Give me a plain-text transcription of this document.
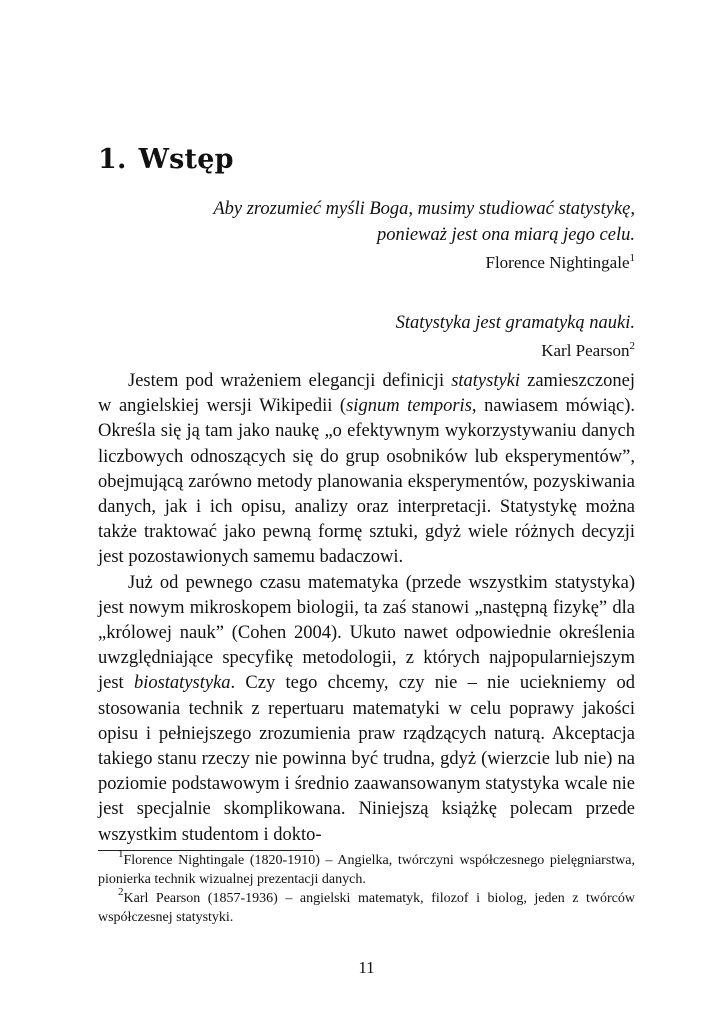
1. Wstęp
Aby zrozumieć myśli Boga, musimy studiować statystykę,
ponieważ jest ona miarą jego celu.
Florence Nightingale$^1$
Statystyka jest gramatyką nauki.
Karl Pearson$^2$

Jestem pod wrażeniem elegancji definicji statystyki zamieszczonej w angielskiej wersji Wikipedii (signum temporis, nawiasem mówiąc). Określa się ją tam jako naukę „o efektywnym wykorzystywaniu danych liczbowych odnoszących się do grup osobników lub eksperymentów”, obejmującą zarówno metody planowania eksperymentów, pozyskiwania danych, jak i ich opisu, analizy oraz interpretacji. Statystykę można także traktować jako pewną formę sztuki, gdyż wiele różnych decyzji jest pozostawionych samemu badaczowi.

Już od pewnego czasu matematyka (przede wszystkim statystyka) jest nowym mikroskopem biologii, ta zaś stanowi „następną fizykę” dla „królowej nauk” (Cohen 2004). Ukuto nawet odpowiednie określenia uwzględniające specyfikę metodologii, z których najpopularniejszym jest biostatystyka. Czy tego chcemy, czy nie – nie uciekniemy od stosowania technik z repertuaru matematyki w celu poprawy jakości opisu i pełniejszego zrozumienia praw rządzących naturą. Akceptacja takiego stanu rzeczy nie powinna być trudna, gdyż (wierzcie lub nie) na poziomie podstawowym i średnio zaawansowanym statystyka wcale nie jest specjalnie skomplikowana. Niniejszą książkę polecam przede wszystkim studentom i dokto-

$^1$Florence Nightingale (1820-1910) – Angielka, twórczyni współczesnego pielęgniarstwa, pionierka technik wizualnej prezentacji danych.

$^2$Karl Pearson (1857-1936) – angielski matematyk, filozof i biolog, jeden z twórców współczesnej statystyki.

11
